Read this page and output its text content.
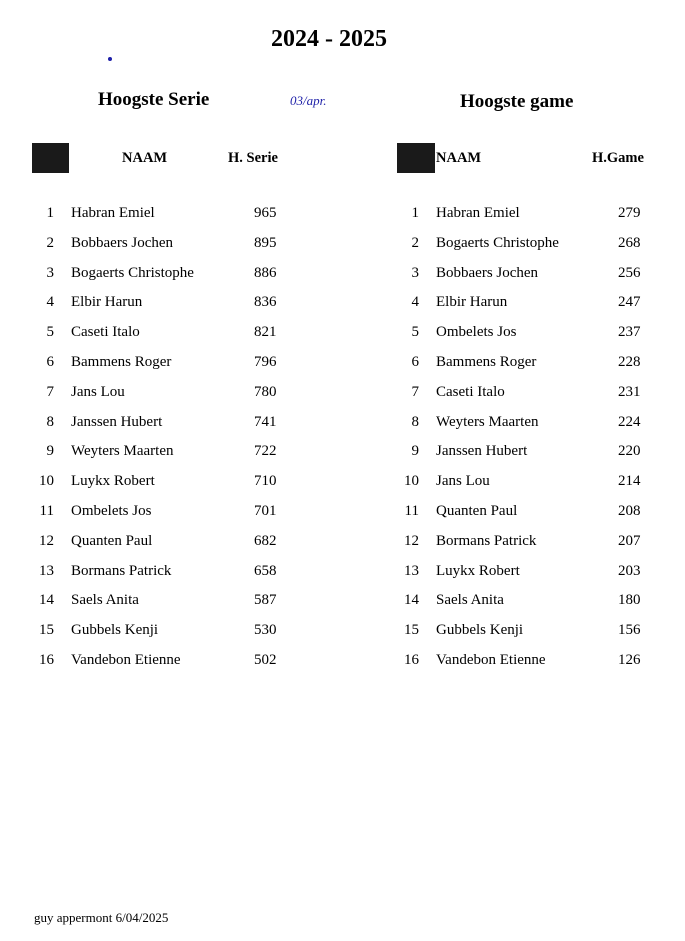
2024 - 2025
Hoogste Serie	03/apr.	Hoogste game
NAAM	H. Serie	NAAM	H.Game
1 Habran Emiel	965
2 Bobbaers Jochen	895
3 Bogaerts Christophe	886
4 Elbir Harun	836
5 Caseti Italo	821
6 Bammens Roger	796
7 Jans Lou	780
8 Janssen Hubert	741
9 Weyters Maarten	722
10 Luykx Robert	710
11 Ombelets Jos	701
12 Quanten Paul	682
13 Bormans Patrick	658
14 Saels Anita	587
15 Gubbels Kenji	530
16 Vandebon Etienne	502
1 Habran Emiel	279
2 Bogaerts Christophe	268
3 Bobbaers Jochen	256
4 Elbir Harun	247
5 Ombelets Jos	237
6 Bammens Roger	228
7 Caseti Italo	231
8 Weyters Maarten	224
9 Janssen Hubert	220
10 Jans Lou	214
11 Quanten Paul	208
12 Bormans Patrick	207
13 Luykx Robert	203
14 Saels Anita	180
15 Gubbels Kenji	156
16 Vandebon Etienne	126
guy appermont 6/04/2025
